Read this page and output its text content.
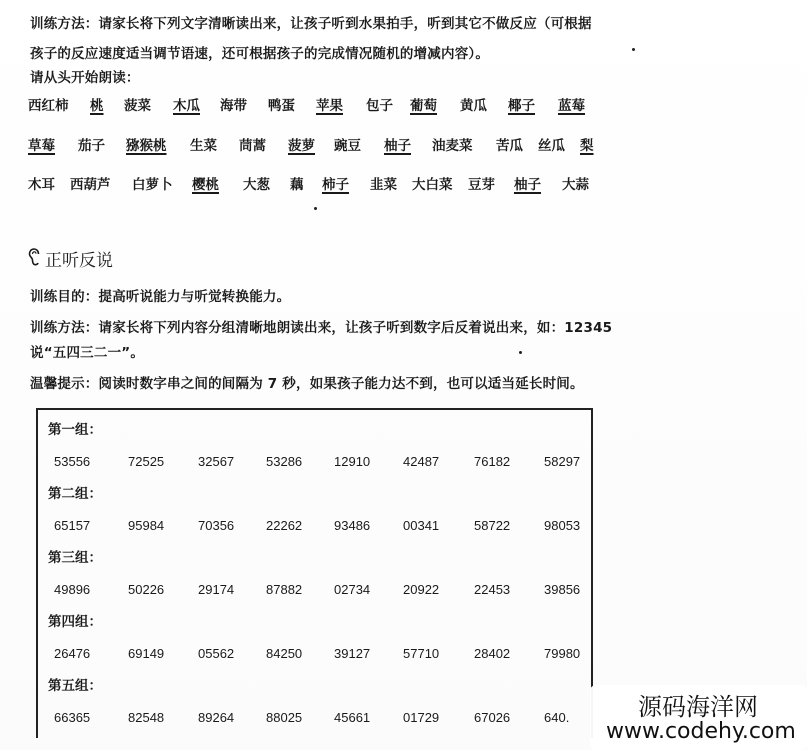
训练方法：请家长将下列文字清晰读出来，让孩子听到水果拍手，听到其它不做反应（可根据
孩子的反应速度适当调节语速，还可根据孩子的完成情况随机的增减内容）。
请从头开始朗读：
西红柿 桃 菠菜 木瓜 海带 鸭蛋 苹果 包子 葡萄 黄瓜 椰子 蓝莓
草莓 茄子 猕猴桃 生菜 茼蒿 菠萝 豌豆 柚子 油麦菜 苦瓜 丝瓜 梨
木耳 西葫芦 白萝卜 樱桃 大葱 藕 柿子 韭菜 大白菜 豆芽 柚子 大蒜
正听反说
训练目的：提高听说能力与听觉转换能力。
训练方法：请家长将下列内容分组清晰地朗读出来，让孩子听到数字后反着说出来，如：12345
说“五四三二一”。
温馨提示：阅读时数字串之间的间隔为 7 秒，如果孩子能力达不到，也可以适当延长时间。
第一组：
53556	72525	32567 53286 12910	42487	76182	58297
第二组：
65157	95984	70356 22262 93486	00341	58722	98053
第三组：
49896	50226	29174 87882 02734	20922	22453	39856
第四组：
26476	69149	05562 84250 39127	57710	28402	79980
第五组：
66365	82548	89264 88025 45661	01729	67026	640.	源码海洋网
www.codehy.com
